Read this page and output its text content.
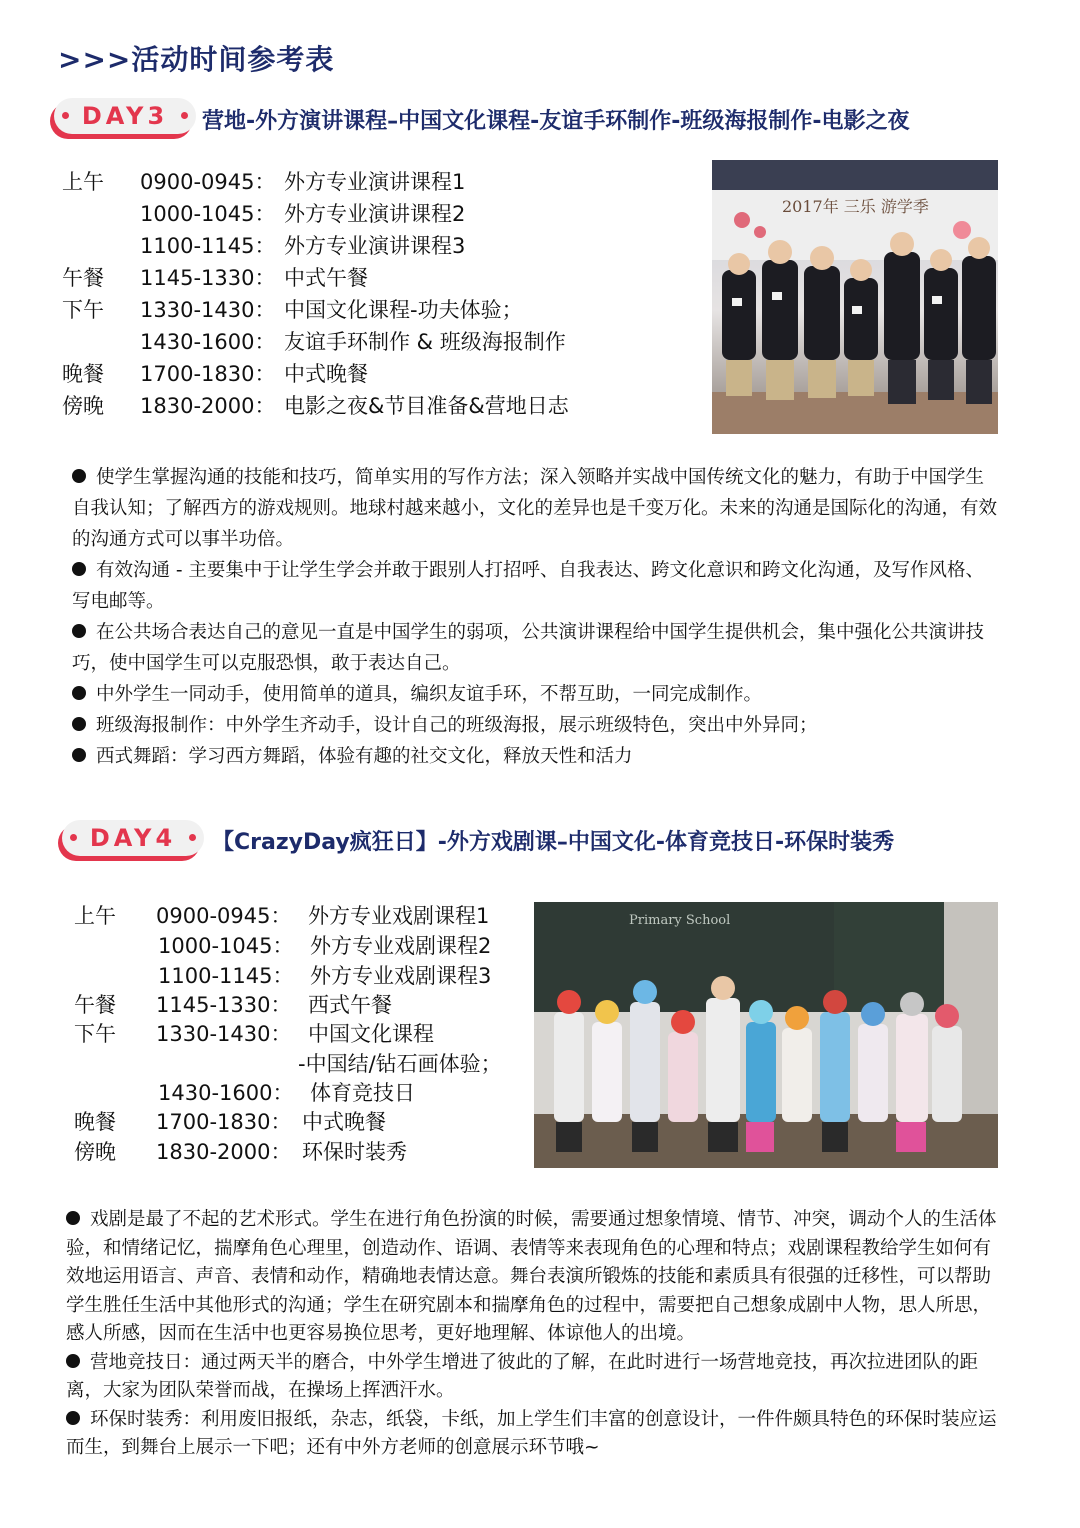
>>>活动时间参考表
DAY3 营地-外方演讲课程–中国文化课程-友谊手环制作-班级海报制作-电影之夜
上午 0900-0945： 外方专业演讲课程1
1000-1045： 外方专业演讲课程2
1100-1145： 外方专业演讲课程3
午餐 1145-1330： 中式午餐
下午 1330-1430： 中国文化课程-功夫体验；
1430-1600： 友谊手环制作 & 班级海报制作
晚餐 1700-1830： 中式晚餐
傍晚 1830-2000： 电影之夜&节目准备&营地日志
2017年 三乐 游学季

使学生掌握沟通的技能和技巧，简单实用的写作方法；深入领略并实战中国传统文化的魅力，有助于中国学生自我认知；了解西方的游戏规则。地球村越来越小，文化的差异也是千变万化。未来的沟通是国际化的沟通，有效的沟通方式可以事半功倍。

有效沟通 - 主要集中于让学生学会并敢于跟别人打招呼、自我表达、跨文化意识和跨文化沟通，及写作风格、写电邮等。

在公共场合表达自己的意见一直是中国学生的弱项，公共演讲课程给中国学生提供机会，集中强化公共演讲技巧，使中国学生可以克服恐惧，敢于表达自己。

中外学生一同动手，使用简单的道具，编织友谊手环，不帮互助，一同完成制作。

班级海报制作：中外学生齐动手，设计自己的班级海报，展示班级特色，突出中外异同；

西式舞蹈：学习西方舞蹈，体验有趣的社交文化，释放天性和活力

DAY4 【CrazyDay疯狂日】-外方戏剧课–中国文化-体育竞技日-环保时装秀
上午 0900-0945： 外方专业戏剧课程1
1000-1045： 外方专业戏剧课程2
1100-1145： 外方专业戏剧课程3
午餐 1145-1330： 西式午餐
下午 1330-1430： 中国文化课程
-中国结/钻石画体验；
1430-1600： 体育竞技日
晚餐 1700-1830： 中式晚餐
傍晚 1830-2000： 环保时装秀
Primary School

戏剧是最了不起的艺术形式。学生在进行角色扮演的时候，需要通过想象情境、情节、冲突，调动个人的生活体验，和情绪记忆，揣摩角色心理里，创造动作、语调、表情等来表现角色的心理和特点；戏剧课程教给学生如何有效地运用语言、声音、表情和动作，精确地表情达意。舞台表演所锻炼的技能和素质具有很强的迁移性，可以帮助学生胜任生活中其他形式的沟通；学生在研究剧本和揣摩角色的过程中，需要把自己想象成剧中人物，思人所思，感人所感，因而在生活中也更容易换位思考，更好地理解、体谅他人的出境。

营地竞技日：通过两天半的磨合，中外学生增进了彼此的了解，在此时进行一场营地竞技，再次拉进团队的距离，大家为团队荣誉而战，在操场上挥洒汗水。

环保时装秀：利用废旧报纸，杂志，纸袋，卡纸，加上学生们丰富的创意设计，一件件颇具特色的环保时装应运而生，到舞台上展示一下吧；还有中外方老师的创意展示环节哦~
